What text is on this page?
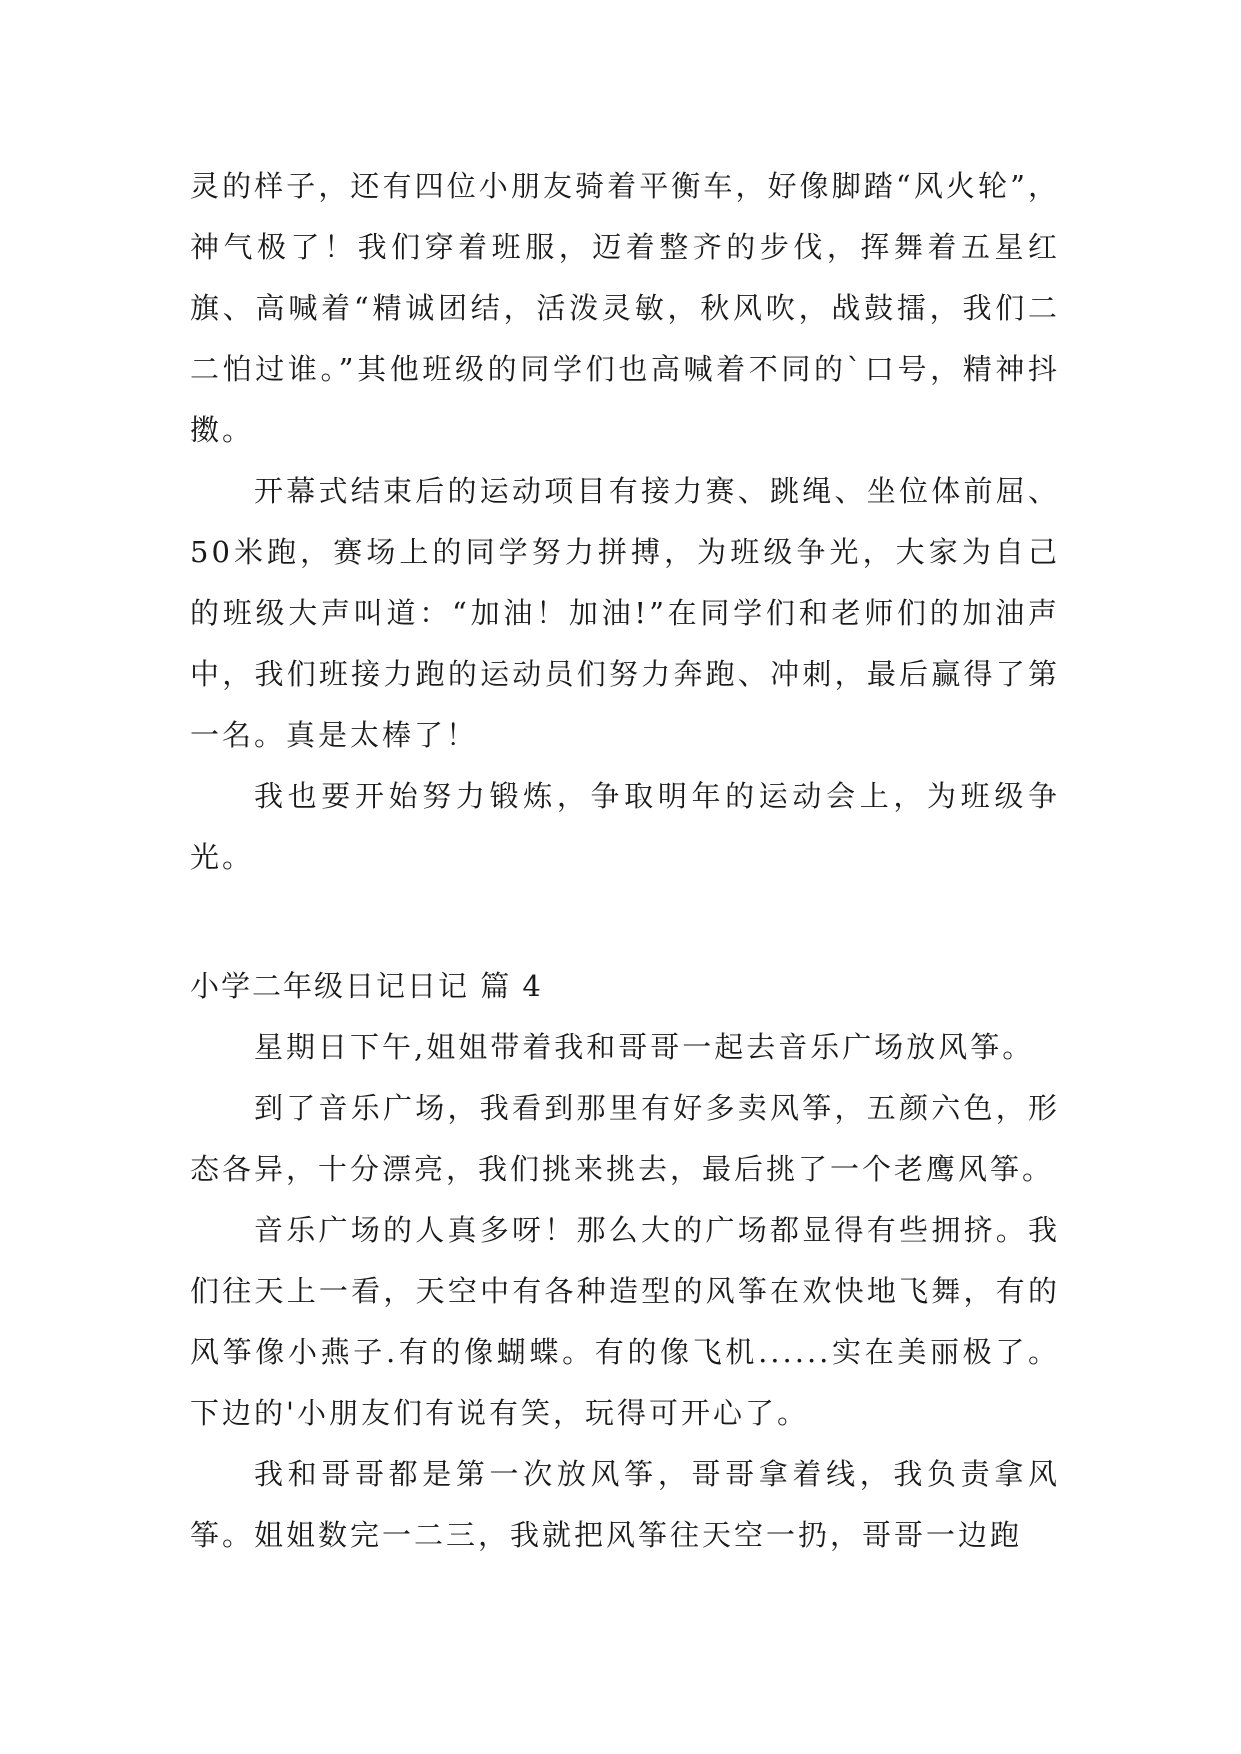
灵的样子，还有四位小朋友骑着平衡车，好像脚踏“风火轮”，神气极了！我们穿着班服，迈着整齐的步伐，挥舞着五星红旗、高喊着“精诚团结，活泼灵敏，秋风吹，战鼓擂，我们二二怕过谁。”其他班级的同学们也高喊着不同的`口号，精神抖擞。

开幕式结束后的运动项目有接力赛、跳绳、坐位体前屈、50米跑，赛场上的同学努力拼搏，为班级争光，大家为自己的班级大声叫道：“加油！加油!”在同学们和老师们的加油声中，我们班接力跑的运动员们努力奔跑、冲刺，最后赢得了第一名。真是太棒了！

我也要开始努力锻炼，争取明年的运动会上，为班级争光。

小学二年级日记日记 篇 4

星期日下午,姐姐带着我和哥哥一起去音乐广场放风筝。

到了音乐广场，我看到那里有好多卖风筝，五颜六色，形态各异，十分漂亮，我们挑来挑去，最后挑了一个老鹰风筝。

音乐广场的人真多呀！那么大的广场都显得有些拥挤。我们往天上一看，天空中有各种造型的风筝在欢快地飞舞，有的风筝像小燕子.有的像蝴蝶。有的像飞机......实在美丽极了。下边的'小朋友们有说有笑，玩得可开心了。

我和哥哥都是第一次放风筝，哥哥拿着线，我负责拿风筝。姐姐数完一二三，我就把风筝往天空一扔，哥哥一边跑
